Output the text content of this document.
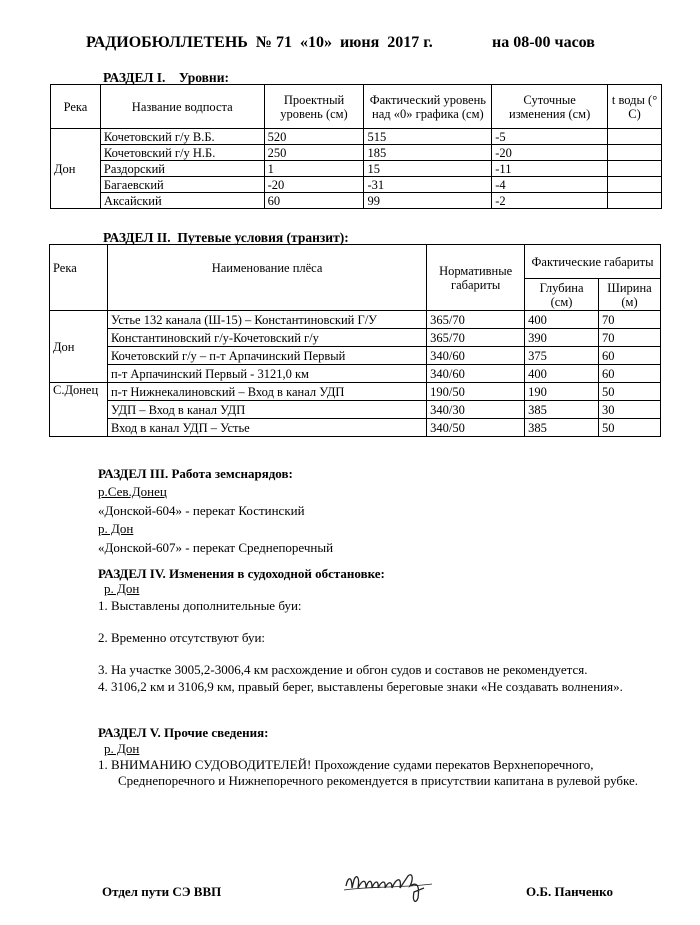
РАДИОБЮЛЛЕТЕНЬ  № 71  «10»  июня  2017 г.	на 08-00 часов
РАЗДЕЛ I.    Уровни:
Река	Название водпоста	Проектный уровень (см)	Фактический уровень над «0» графика (см)	Суточные изменения (см)	t воды (° С)
Дон	Кочетовский г/у В.Б.	520	515	-5	
	Кочетовский г/у Н.Б.	250	185	-20	
	Раздорский	1	15	-11	
	Багаевский	-20	-31	-4	
	Аксайский	60	99	-2	
РАЗДЕЛ II.  Путевые условия (транзит):
Река	Наименование плёса	Нормативные габариты	Фактические габариты	
			Глубина (см)	Ширина (м)
Дон	Устье 132 канала (Ш-15) – Константиновский Г/У	365/70	400	70
	Константиновский г/у-Кочетовский г/у	365/70	390	70
	Кочетовский г/у – п-т Арпачинский Первый	340/60	375	60
	п-т Арпачинский Первый - 3121,0 км	340/60	400	60
С.Донец	п-т Нижнекалиновский – Вход в канал УДП	190/50	190	50
	УДП – Вход в канал УДП	340/30	385	30
	Вход в канал УДП – Устье	340/50	385	50
РАЗДЕЛ III. Работа земснарядов:
р.Сев.Донец
«Донской-604» - перекат Костинский
р. Дон
«Донской-607» - перекат Среднепоречный
РАЗДЕЛ IV. Изменения в судоходной обстановке:
р. Дон
1. Выставлены дополнительные буи:
2. Временно отсутствуют буи:
3. На участке 3005,2-3006,4 км расхождение и обгон судов и составов не рекомендуется.
4. 3106,2 км и 3106,9 км, правый берег, выставлены береговые знаки «Не создавать волнения».
РАЗДЕЛ V. Прочие сведения:
р. Дон
1. ВНИМАНИЮ СУДОВОДИТЕЛЕЙ! Прохождение судами перекатов Верхнепоречного, Среднепоречного и Нижнепоречного рекомендуется в присутствии капитана в рулевой рубке.
Отдел пути СЭ ВВП	О.Б. Панченко
